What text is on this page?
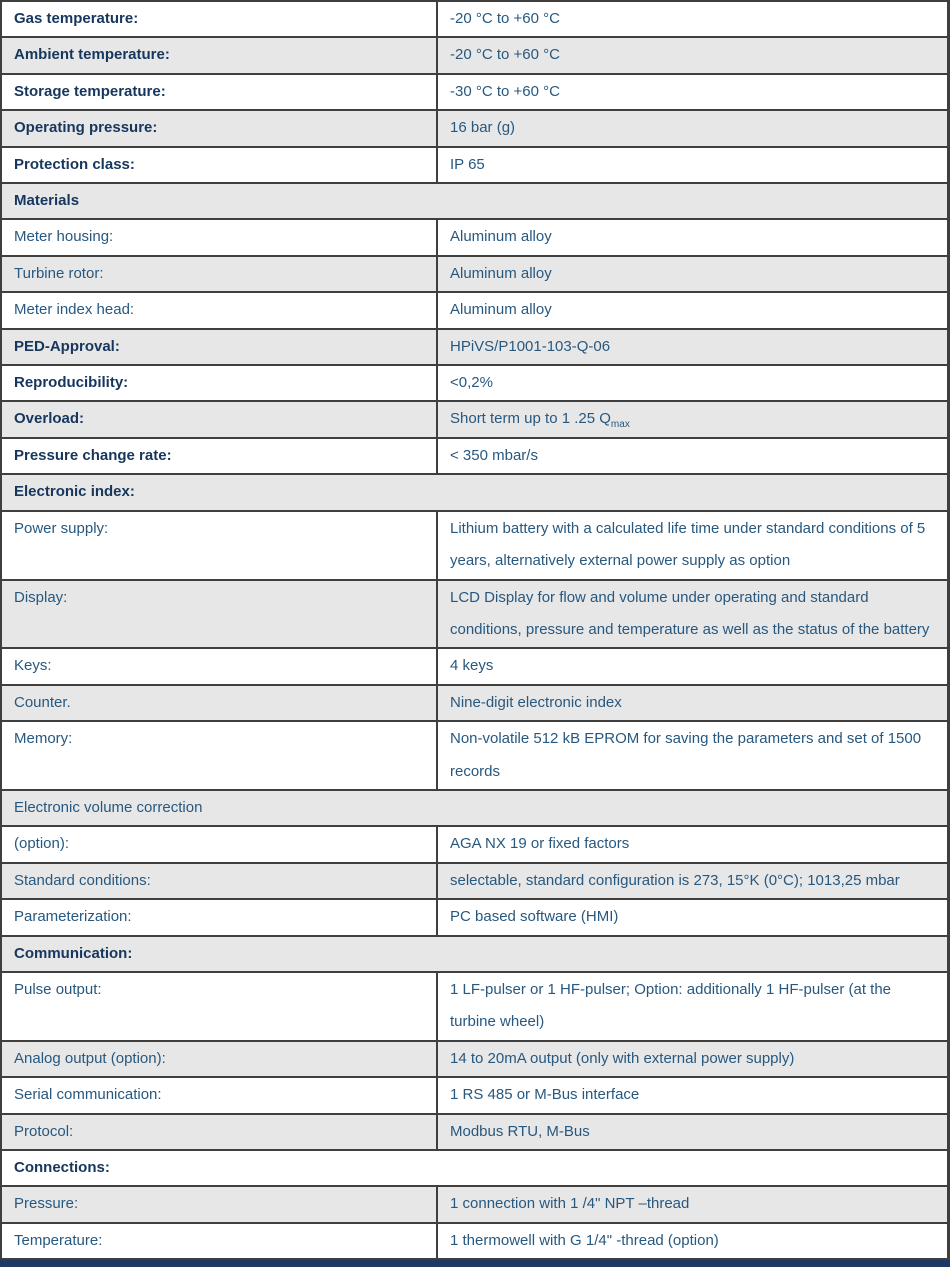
Gas temperature:	-20 °C to +60 °C
Ambient temperature:	-20 °C to +60 °C
Storage temperature:	-30 °C to +60 °C
Operating pressure:	16 bar (g)
Protection class:	IP 65
Materials
Meter housing:	Aluminum alloy
Turbine rotor:	Aluminum alloy
Meter index head:	Aluminum alloy
PED-Approval:	HPiVS/P1001-103-Q-06
Reproducibility:	<0,2%
Overload:	Short term up to 1 .25 $Q_{max}$
Pressure change rate:	< 350 mbar/s
Electronic index:
Power supply:	Lithium battery with a calculated life time under standard conditions of 5 years, alternatively external power supply as option
Display:	LCD Display for flow and volume under operating and standard conditions, pressure and temperature as well as the status of the battery
Keys:	4 keys
Counter.	Nine-digit electronic index
Memory:	Non-volatile 512 kB EPROM for saving the parameters and set of 1500 records
Electronic volume correction
(option):	AGA NX 19 or fixed factors
Standard conditions:	selectable, standard configuration is 273, 15°K (0°C); 1013,25 mbar
Parameterization:	PC based software (HMI)
Communication:
Pulse output:	1 LF-pulser or 1 HF-pulser; Option: additionally 1 HF-pulser (at the turbine wheel)
Analog output (option):	14 to 20mA output (only with external power supply)
Serial communication:	1 RS 485 or M-Bus interface
Protocol:	Modbus RTU, M-Bus
Connections:
Pressure:	1 connection with 1 /4" NPT –thread
Temperature:	1 thermowell with G 1/4" -thread (option)
